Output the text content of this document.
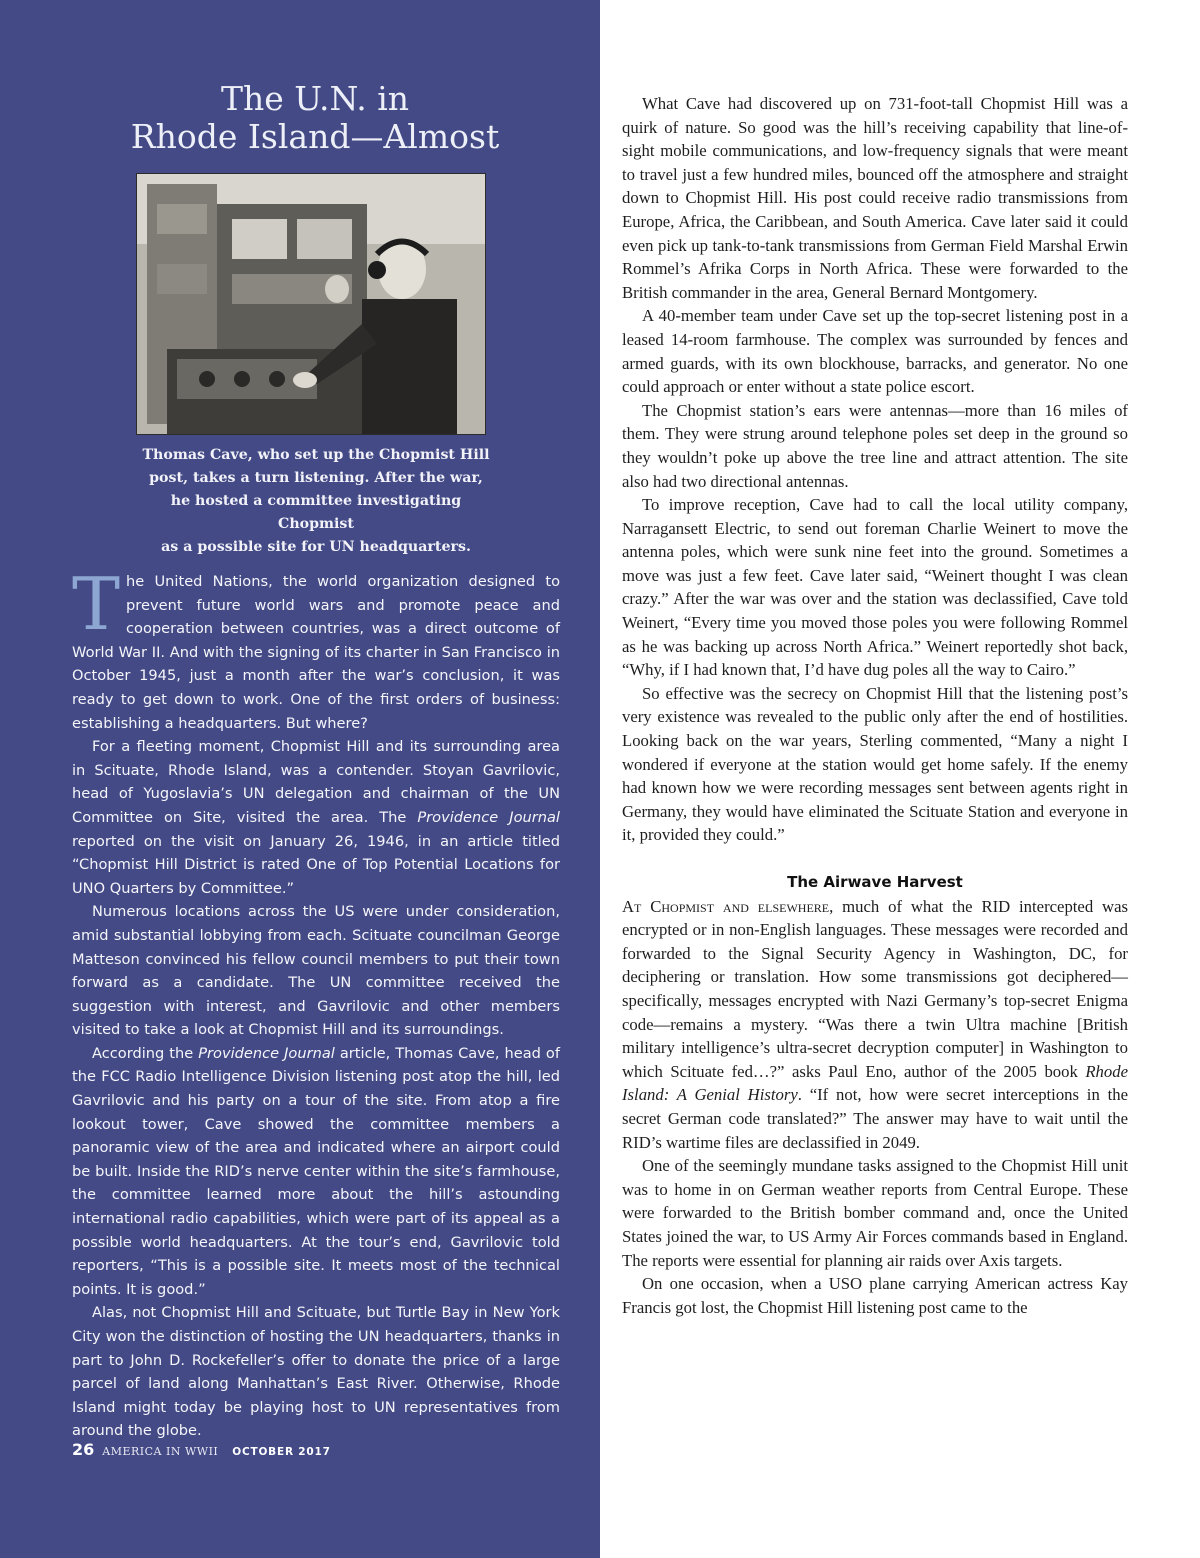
The U.N. in
Rhode Island—Almost

Thomas Cave, who set up the Chopmist Hill
post, takes a turn listening. After the war,
he hosted a committee investigating Chopmist
as a possible site for UN headquarters.

The United Nations, the world organization designed to prevent future world wars and promote peace and cooperation between countries, was a direct outcome of World War II. And with the signing of its charter in San Francisco in October 1945, just a month after the war’s conclusion, it was ready to get down to work. One of the first orders of business: establishing a headquarters. But where?

For a fleeting moment, Chopmist Hill and its surrounding area in Scituate, Rhode Island, was a contender. Stoyan Gavrilovic, head of Yugoslavia’s UN delegation and chairman of the UN Committee on Site, visited the area. The Providence Journal reported on the visit on January 26, 1946, in an article titled “Chopmist Hill District is rated One of Top Potential Locations for UNO Quarters by Committee.”

Numerous locations across the US were under consideration, amid substantial lobbying from each. Scituate councilman George Matteson convinced his fellow council members to put their town forward as a candidate. The UN committee received the suggestion with interest, and Gavrilovic and other members visited to take a look at Chopmist Hill and its surroundings.

According the Providence Journal article, Thomas Cave, head of the FCC Radio Intelligence Division listening post atop the hill, led Gavrilovic and his party on a tour of the site. From atop a fire lookout tower, Cave showed the committee members a panoramic view of the area and indicated where an airport could be built. Inside the RID’s nerve center within the site’s farmhouse, the committee learned more about the hill’s astounding international radio capabilities, which were part of its appeal as a possible world headquarters. At the tour’s end, Gavrilovic told reporters, “This is a possible site. It meets most of the technical points. It is good.”

Alas, not Chopmist Hill and Scituate, but Turtle Bay in New York City won the distinction of hosting the UN headquarters, thanks in part to John D. Rockefeller’s offer to donate the price of a large parcel of land along Manhattan’s East River. Otherwise, Rhode Island might today be playing host to UN representatives from around the globe.

26 AMERICA IN WWII OCTOBER 2017

What Cave had discovered up on 731-foot-tall Chopmist Hill was a quirk of nature. So good was the hill’s receiving capability that line-of-sight mobile communications, and low-frequency signals that were meant to travel just a few hundred miles, bounced off the atmosphere and straight down to Chopmist Hill. His post could receive radio transmissions from Europe, Africa, the Caribbean, and South America. Cave later said it could even pick up tank-to-tank transmissions from German Field Marshal Erwin Rommel’s Afrika Corps in North Africa. These were forwarded to the British commander in the area, General Bernard Montgomery.

A 40-member team under Cave set up the top-secret listening post in a leased 14-room farmhouse. The complex was surrounded by fences and armed guards, with its own blockhouse, barracks, and generator. No one could approach or enter without a state police escort.

The Chopmist station’s ears were antennas—more than 16 miles of them. They were strung around telephone poles set deep in the ground so they wouldn’t poke up above the tree line and attract attention. The site also had two directional antennas.

To improve reception, Cave had to call the local utility company, Narragansett Electric, to send out foreman Charlie Weinert to move the antenna poles, which were sunk nine feet into the ground. Sometimes a move was just a few feet. Cave later said, “Weinert thought I was clean crazy.” After the war was over and the station was declassified, Cave told Weinert, “Every time you moved those poles you were following Rommel as he was backing up across North Africa.” Weinert reportedly shot back, “Why, if I had known that, I’d have dug poles all the way to Cairo.”

So effective was the secrecy on Chopmist Hill that the listening post’s very existence was revealed to the public only after the end of hostilities. Looking back on the war years, Sterling commented, “Many a night I wondered if everyone at the station would get home safely. If the enemy had known how we were recording messages sent between agents right in Germany, they would have eliminated the Scituate Station and everyone in it, provided they could.”

The Airwave Harvest

At Chopmist and elsewhere, much of what the RID intercepted was encrypted or in non-English languages. These messages were recorded and forwarded to the Signal Security Agency in Washington, DC, for deciphering or translation. How some transmissions got deciphered—specifically, messages encrypted with Nazi Germany’s top-secret Enigma code—remains a mystery. “Was there a twin Ultra machine [British military intelligence’s ultra-secret decryption computer] in Washington to which Scituate fed…?” asks Paul Eno, author of the 2005 book Rhode Island: A Genial History. “If not, how were secret interceptions in the secret German code translated?” The answer may have to wait until the RID’s wartime files are declassified in 2049.

One of the seemingly mundane tasks assigned to the Chopmist Hill unit was to home in on German weather reports from Central Europe. These were forwarded to the British bomber command and, once the United States joined the war, to US Army Air Forces commands based in England. The reports were essential for planning air raids over Axis targets.

On one occasion, when a USO plane carrying American actress Kay Francis got lost, the Chopmist Hill listening post came to the
